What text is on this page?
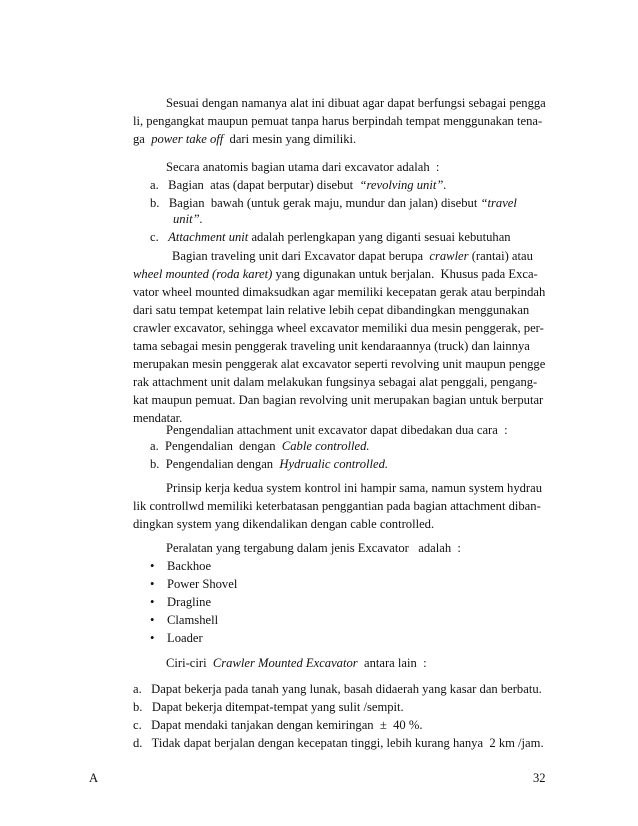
A	32
Sesuai dengan namanya alat ini dibuat agar dapat berfungsi sebagai pengga
li, pengangkat maupun pemuat tanpa harus berpindah tempat menggunakan tena-
ga  power take off  dari mesin yang dimiliki.
Secara anatomis bagian utama dari excavator adalah  :
a.   Bagian  atas (dapat berputar) disebut  “revolving unit”.
b.   Bagian  bawah (untuk gerak maju, mundur dan jalan) disebut “travel
unit”.
c.   Attachment unit adalah perlengkapan yang diganti sesuai kebutuhan
Bagian traveling unit dari Excavator dapat berupa  crawler (rantai) atau
wheel mounted (roda karet) yang digunakan untuk berjalan.  Khusus pada Exca-
vator wheel mounted dimaksudkan agar memiliki kecepatan gerak atau berpindah
dari satu tempat ketempat lain relative lebih cepat dibandingkan menggunakan
crawler excavator, sehingga wheel excavator memiliki dua mesin penggerak, per-
tama sebagai mesin penggerak traveling unit kendaraannya (truck) dan lainnya
merupakan mesin penggerak alat excavator seperti revolving unit maupun pengge
rak attachment unit dalam melakukan fungsinya sebagai alat penggali, pengang-
kat maupun pemuat. Dan bagian revolving unit merupakan bagian untuk berputar
mendatar.
Pengendalian attachment unit excavator dapat dibedakan dua cara  :
a.  Pengendalian  dengan  Cable controlled.
b.  Pengendalian dengan  Hydrualic controlled.
Prinsip kerja kedua system kontrol ini hampir sama, namun system hydrau
lik controllwd memiliki keterbatasan penggantian pada bagian attachment diban-
dingkan system yang dikendalikan dengan cable controlled.
Peralatan yang tergabung dalam jenis Excavator   adalah  :
•    Backhoe
•    Power Shovel
•    Dragline
•    Clamshell
•    Loader
Ciri-ciri  Crawler Mounted Excavator  antara lain  :
a.   Dapat bekerja pada tanah yang lunak, basah didaerah yang kasar dan berbatu.
b.   Dapat bekerja ditempat-tempat yang sulit /sempit.
c.   Dapat mendaki tanjakan dengan kemiringan  ±  40 %.
d.   Tidak dapat berjalan dengan kecepatan tinggi, lebih kurang hanya  2 km /jam.
